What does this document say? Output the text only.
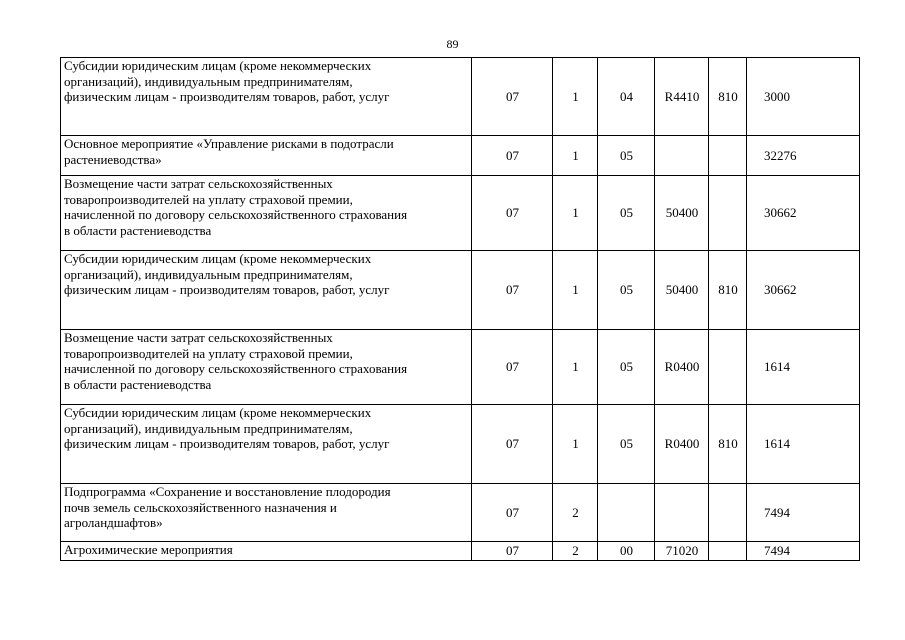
89
Субсидии юридическим лицам (кроме некоммерческих
организаций), индивидуальным предпринимателям,
физическим лицам - производителям товаров, работ, услуг	07	1	04	R4410	810	3000
Основное мероприятие «Управление рисками в подотрасли
растениеводства»	07	1	05			32276
Возмещение части затрат сельскохозяйственных
товаропроизводителей на уплату страховой премии,
начисленной по договору сельскохозяйственного страхования
в области растениеводства	07	1	05	50400		30662
Субсидии юридическим лицам (кроме некоммерческих
организаций), индивидуальным предпринимателям,
физическим лицам - производителям товаров, работ, услуг	07	1	05	50400	810	30662
Возмещение части затрат сельскохозяйственных
товаропроизводителей на уплату страховой премии,
начисленной по договору сельскохозяйственного страхования
в области растениеводства	07	1	05	R0400		1614
Субсидии юридическим лицам (кроме некоммерческих
организаций), индивидуальным предпринимателям,
физическим лицам - производителям товаров, работ, услуг	07	1	05	R0400	810	1614
Подпрограмма «Сохранение и восстановление плодородия
почв земель сельскохозяйственного назначения и
агроландшафтов»	07	2				7494
Агрохимические мероприятия	07	2	00	71020		7494
